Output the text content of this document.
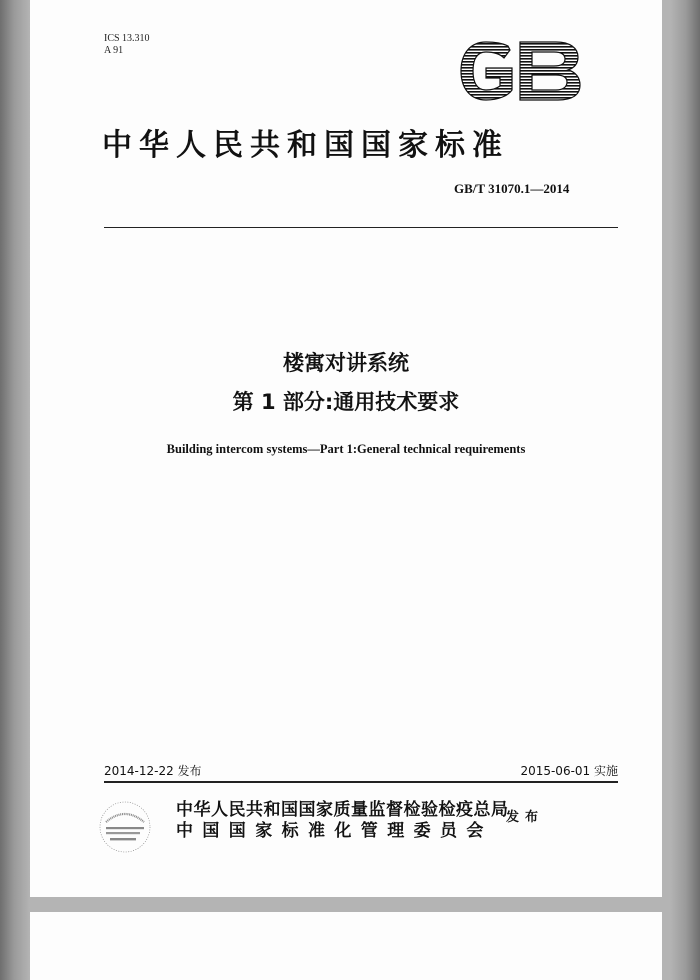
ICS 13.310
A 91
中华人民共和国国家标准
GB/T 31070.1—2014
楼寓对讲系统
第 1 部分:通用技术要求
Building intercom systems—Part 1:General technical requirements
2014-12-22 发布	2015-06-01 实施
中华人民共和国国家质量监督检验检疫总局
中国国家标准化管理委员会
发布
